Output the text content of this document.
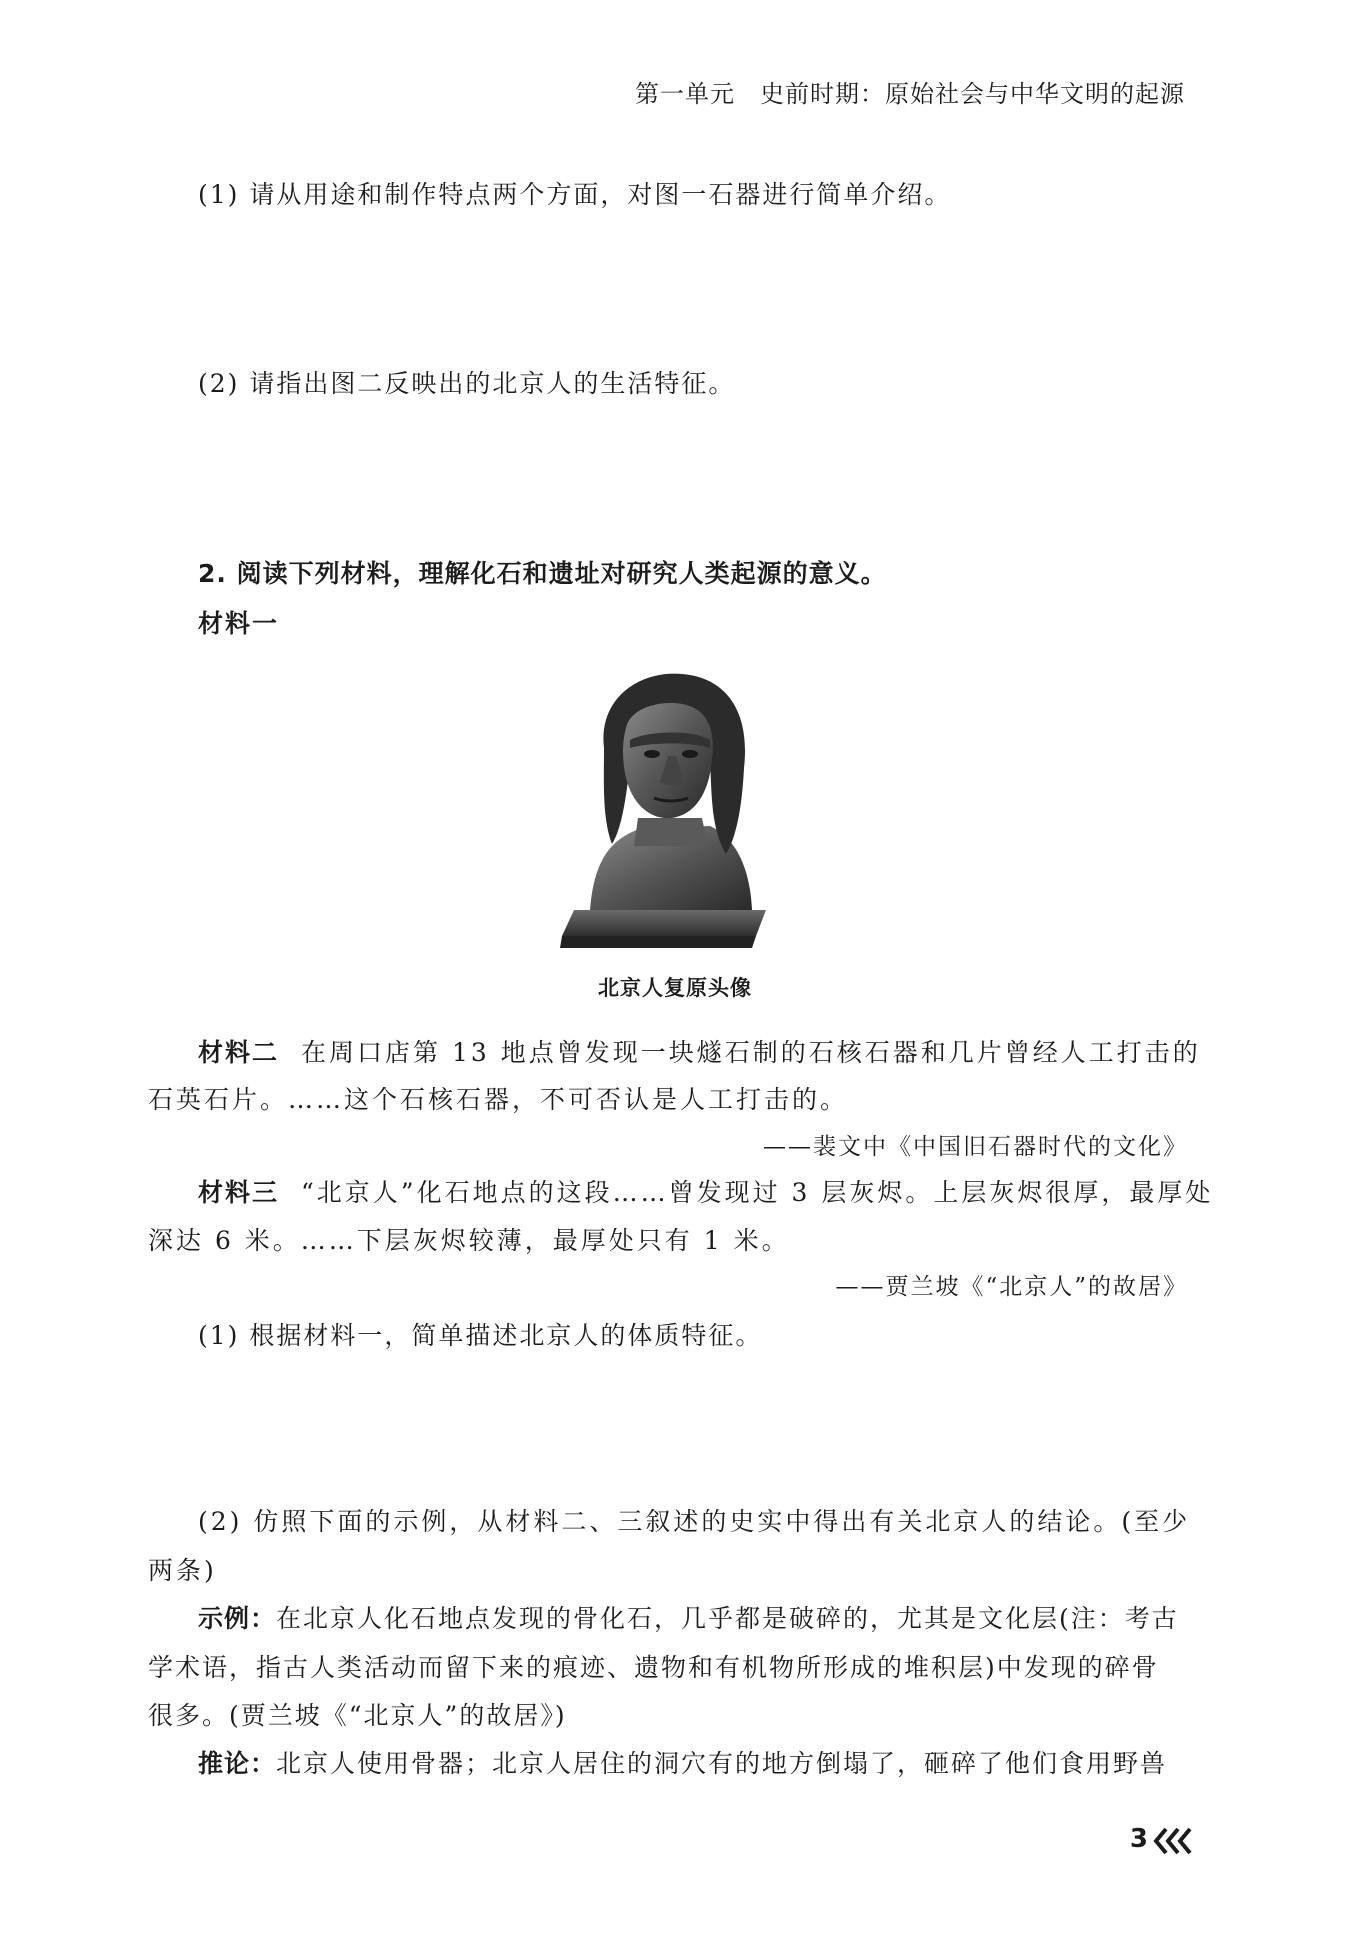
第一单元　史前时期：原始社会与中华文明的起源
(1) 请从用途和制作特点两个方面，对图一石器进行简单介绍。
(2) 请指出图二反映出的北京人的生活特征。
2. 阅读下列材料，理解化石和遗址对研究人类起源的意义。
材料一
北京人复原头像
材料二 在周口店第 13 地点曾发现一块燧石制的石核石器和几片曾经人工打击的
石英石片。……这个石核石器，不可否认是人工打击的。
——裴文中《中国旧石器时代的文化》
材料三 “北京人”化石地点的这段……曾发现过 3 层灰烬。上层灰烬很厚，最厚处
深达 6 米。……下层灰烬较薄，最厚处只有 1 米。
——贾兰坡《“北京人”的故居》
(1) 根据材料一，简单描述北京人的体质特征。
(2) 仿照下面的示例，从材料二、三叙述的史实中得出有关北京人的结论。(至少
两条)
示例：在北京人化石地点发现的骨化石，几乎都是破碎的，尤其是文化层(注：考古
学术语，指古人类活动而留下来的痕迹、遗物和有机物所形成的堆积层)中发现的碎骨
很多。(贾兰坡《“北京人”的故居》)
推论：北京人使用骨器；北京人居住的洞穴有的地方倒塌了，砸碎了他们食用野兽
3
